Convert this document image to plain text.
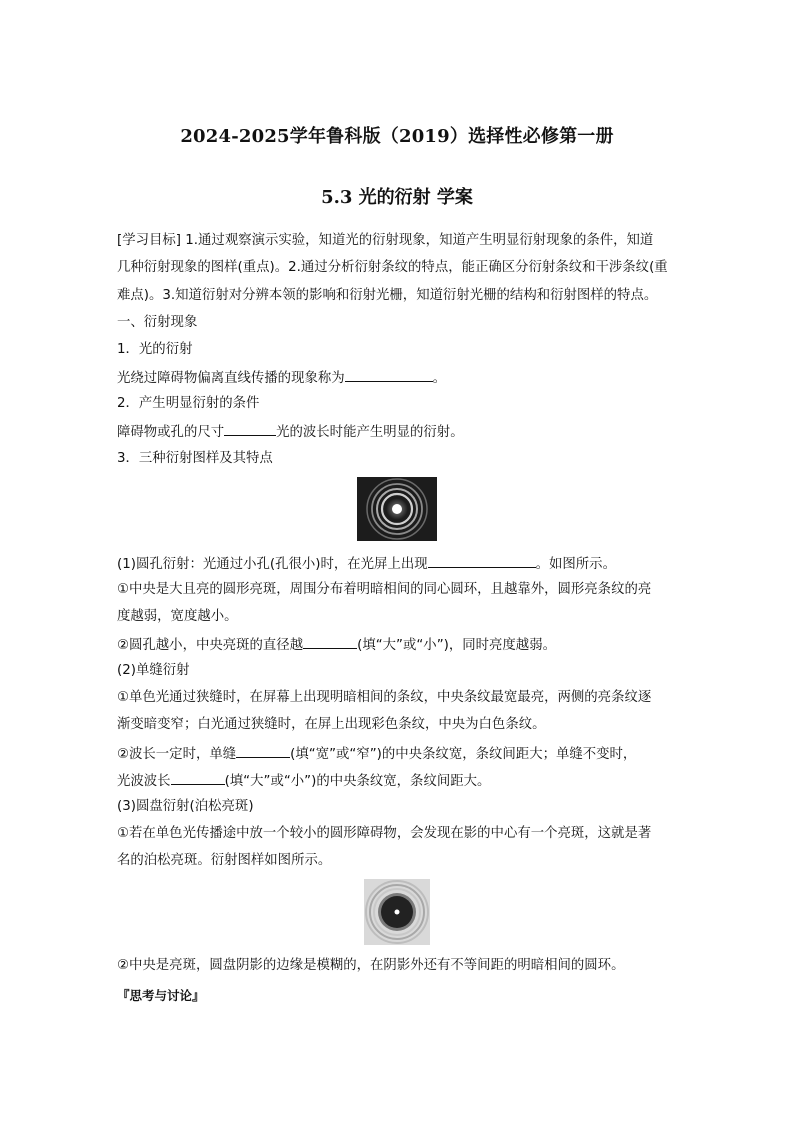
2024-2025学年鲁科版（2019）选择性必修第一册
5.3 光的衍射 学案
[学习目标] 1.通过观察演示实验，知道光的衍射现象，知道产生明显衍射现象的条件，知道
几种衍射现象的图样(重点)。2.通过分析衍射条纹的特点，能正确区分衍射条纹和干涉条纹(重
难点)。3.知道衍射对分辨本领的影响和衍射光栅，知道衍射光栅的结构和衍射图样的特点。
一、衍射现象
1．光的衍射
光绕过障碍物偏离直线传播的现象称为	。
2．产生明显衍射的条件
障碍物或孔的尺寸	光的波长时能产生明显的衍射。
3．三种衍射图样及其特点
(1)圆孔衍射：光通过小孔(孔很小)时，在光屏上出现	。如图所示。
①中央是大且亮的圆形亮斑，周围分布着明暗相间的同心圆环，且越靠外，圆形亮条纹的亮
度越弱，宽度越小。
②圆孔越小，中央亮斑的直径越	(填“大”或“小”)，同时亮度越弱。
(2)单缝衍射
①单色光通过狭缝时，在屏幕上出现明暗相间的条纹，中央条纹最宽最亮，两侧的亮条纹逐
渐变暗变窄；白光通过狭缝时，在屏上出现彩色条纹，中央为白色条纹。
②波长一定时，单缝	(填“宽”或“窄”)的中央条纹宽，条纹间距大；单缝不变时，
光波波长	(填“大”或“小”)的中央条纹宽，条纹间距大。
(3)圆盘衍射(泊松亮斑)
①若在单色光传播途中放一个较小的圆形障碍物，会发现在影的中心有一个亮斑，这就是著
名的泊松亮斑。衍射图样如图所示。
②中央是亮斑，圆盘阴影的边缘是模糊的，在阴影外还有不等间距的明暗相间的圆环。
『思考与讨论』
